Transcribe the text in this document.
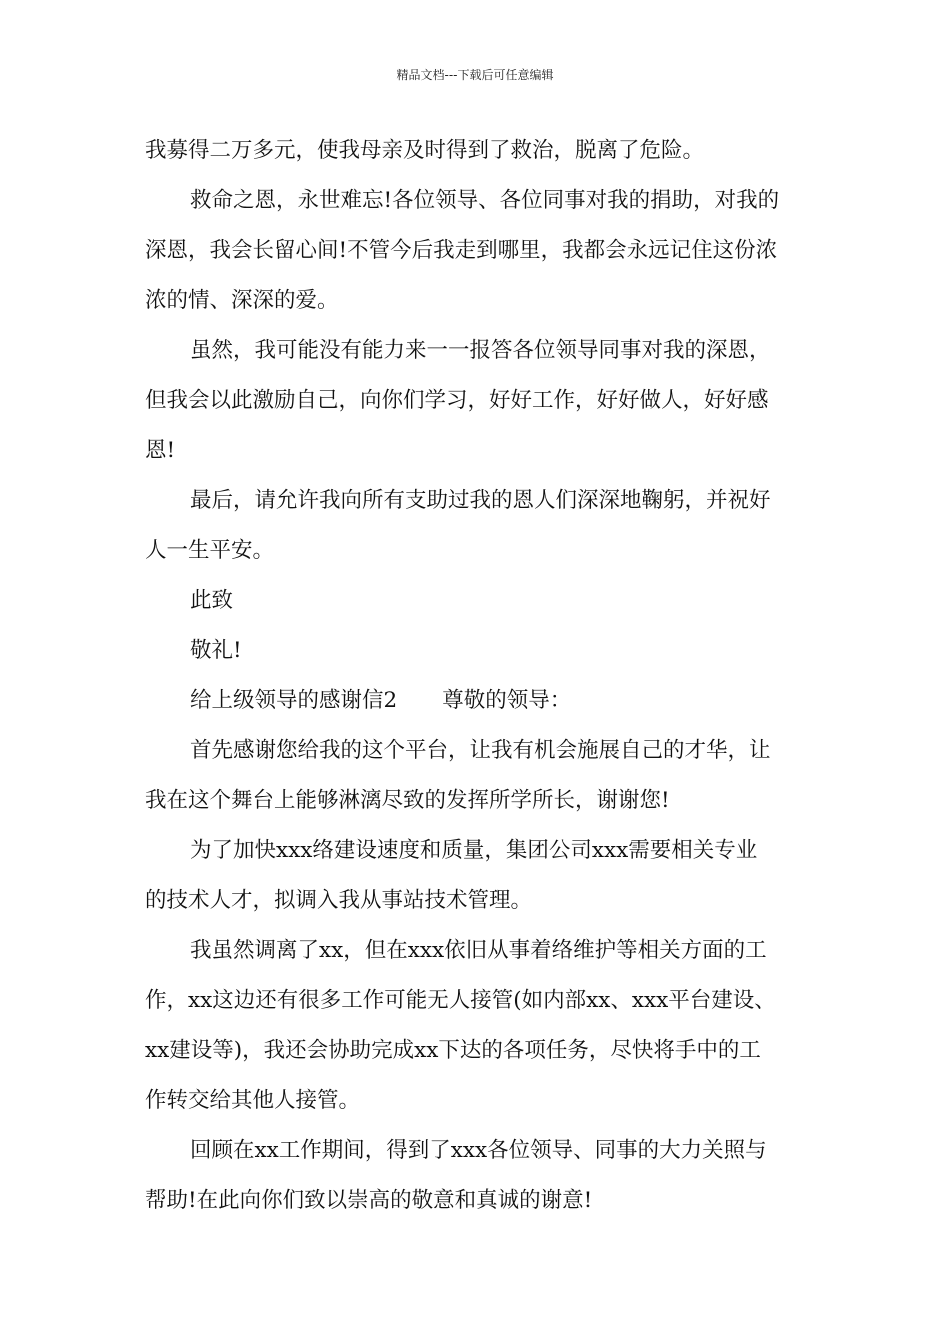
精品文档---下载后可任意编辑

我募得二万多元，使我母亲及时得到了救治，脱离了危险。

救命之恩，永世难忘!各位领导、各位同事对我的捐助，对我的

深恩，我会长留心间!不管今后我走到哪里，我都会永远记住这份浓

浓的情、深深的爱。

虽然，我可能没有能力来一一报答各位领导同事对我的深恩，

但我会以此激励自己，向你们学习，好好工作，好好做人，好好感

恩!

最后，请允许我向所有支助过我的恩人们深深地鞠躬，并祝好

人一生平安。

此致

敬礼!

给上级领导的感谢信2 尊敬的领导：

首先感谢您给我的这个平台，让我有机会施展自己的才华，让

我在这个舞台上能够淋漓尽致的发挥所学所长，谢谢您!

为了加快xxx络建设速度和质量，集团公司xxx需要相关专业

的技术人才，拟调入我从事站技术管理。

我虽然调离了xx，但在xxx依旧从事着络维护等相关方面的工

作，xx这边还有很多工作可能无人接管(如内部xx、xxx平台建设、

xx建设等)，我还会协助完成xx下达的各项任务，尽快将手中的工

作转交给其他人接管。

回顾在xx工作期间，得到了xxx各位领导、同事的大力关照与

帮助!在此向你们致以崇高的敬意和真诚的谢意!
